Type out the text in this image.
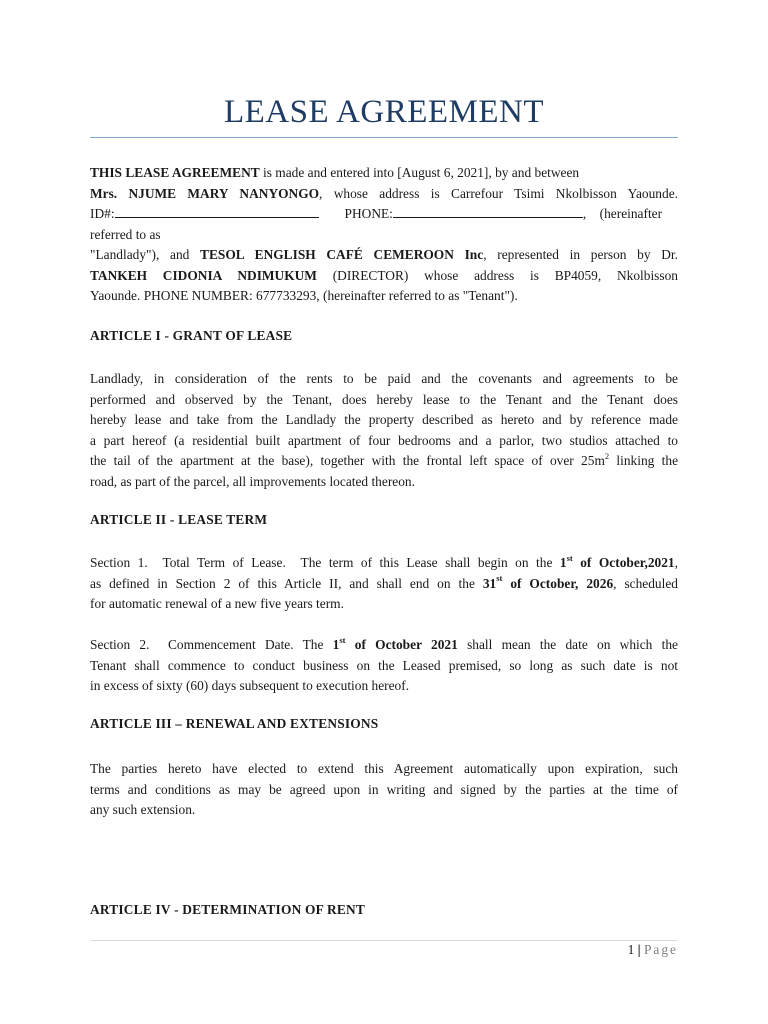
LEASE AGREEMENT
THIS LEASE AGREEMENT is made and entered into [August 6, 2021], by and between
Mrs. NJUME MARY NANYONGO, whose address is Carrefour Tsimi Nkolbisson Yaounde.
ID#:	PHONE:	,    (hereinafter
referred to as
"Landlady"), and TESOL ENGLISH CAFÉ CEMEROON Inc, represented in person by Dr.
TANKEH CIDONIA NDIMUKUM (DIRECTOR) whose address is BP4059, Nkolbisson
Yaounde. PHONE NUMBER: 677733293, (hereinafter referred to as "Tenant").
ARTICLE I - GRANT OF LEASE
Landlady, in consideration of the rents to be paid and the covenants and agreements to be
performed and observed by the Tenant, does hereby lease to the Tenant and the Tenant does
hereby lease and take from the Landlady the property described as hereto and by reference made
a part hereof (a residential built apartment of four bedrooms and a parlor, two studios attached to
the tail of the apartment at the base), together with the frontal left space of over $25m^2$ linking the
road, as part of the parcel, all improvements located thereon.
ARTICLE II - LEASE TERM
Section 1.  Total Term of Lease.  The term of this Lease shall begin on the 1st of October,2021,
as defined in Section 2 of this Article II, and shall end on the 31st of October, 2026, scheduled
for automatic renewal of a new five years term.
Section 2.  Commencement Date. The 1st of October 2021 shall mean the date on which the
Tenant shall commence to conduct business on the Leased premised, so long as such date is not
in excess of sixty (60) days subsequent to execution hereof.
ARTICLE III – RENEWAL AND EXTENSIONS
The parties hereto have elected to extend this Agreement automatically upon expiration, such
terms and conditions as may be agreed upon in writing and signed by the parties at the time of
any such extension.
ARTICLE IV - DETERMINATION OF RENT
1 | Page
